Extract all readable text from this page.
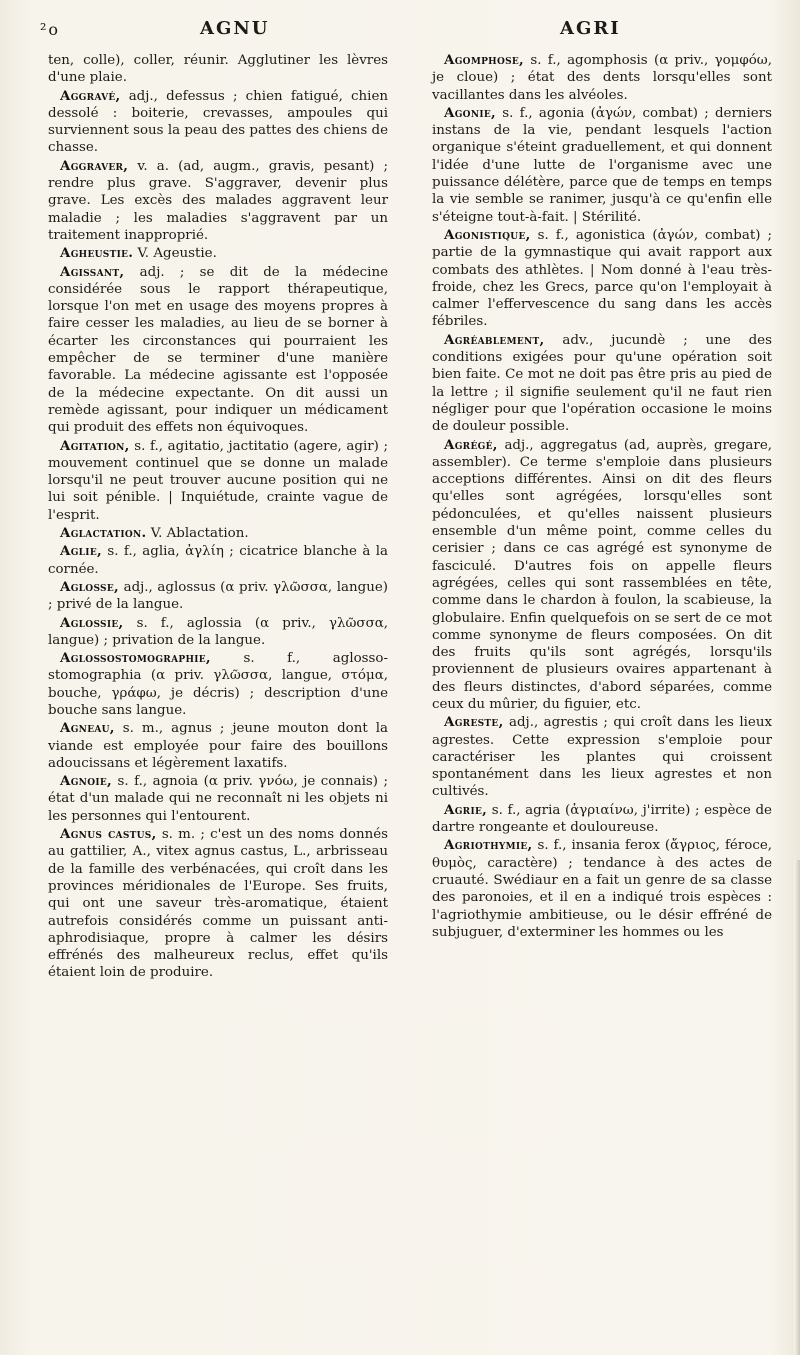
²o	AGNU	AGRI

ten, colle), coller, réunir. Agglutiner les lèvres d'une plaie.

Aggravé, adj., defessus ; chien fatigué, chien dessolé : boiterie, crevasses, ampoules qui surviennent sous la peau des pattes des chiens de chasse.

Aggraver, v. a. (ad, augm., gravis, pesant) ; rendre plus grave. S'aggraver, devenir plus grave. Les excès des malades aggravent leur maladie ; les maladies s'aggravent par un traitement inapproprié.

Agheustie. V. Ageustie.

Agissant, adj. ; se dit de la médecine considérée sous le rapport thérapeutique, lorsque l'on met en usage des moyens propres à faire cesser les maladies, au lieu de se borner à écarter les circonstances qui pourraient les empêcher de se terminer d'une manière favorable. La médecine agissante est l'opposée de la médecine expectante. On dit aussi un remède agissant, pour indiquer un médicament qui produit des effets non équivoques.

Agitation, s. f., agitatio, jactitatio (agere, agir) ; mouvement continuel que se donne un malade lorsqu'il ne peut trouver aucune position qui ne lui soit pénible. | Inquiétude, crainte vague de l'esprit.

Aglactation. V. Ablactation.

Aglie, s. f., aglia, ἀγλίη ; cicatrice blanche à la cornée.

Aglosse, adj., aglossus (α priv. γλῶσσα, langue) ; privé de la langue.

Aglossie, s. f., aglossia (α priv., γλῶσσα, langue) ; privation de la langue.

Aglossostomographie, s. f., aglosso-stomographia (α priv. γλῶσσα, langue, στόμα, bouche, γράφω, je décris) ; description d'une bouche sans langue.

Agneau, s. m., agnus ; jeune mouton dont la viande est employée pour faire des bouillons adoucissans et légèrement laxatifs.

Agnoie, s. f., agnoia (α priv. γνόω, je connais) ; état d'un malade qui ne reconnaît ni les objets ni les personnes qui l'entourent.

Agnus castus, s. m. ; c'est un des noms donnés au gattilier, A., vitex agnus castus, L., arbrisseau de la famille des verbénacées, qui croît dans les provinces méridionales de l'Europe. Ses fruits, qui ont une saveur très-aromatique, étaient autrefois considérés comme un puissant anti-aphrodisiaque, propre à calmer les désirs effrénés des malheureux reclus, effet qu'ils étaient loin de produire.

Agomphose, s. f., agomphosis (α priv., γομφόω, je cloue) ; état des dents lorsqu'elles sont vacillantes dans les alvéoles.

Agonie, s. f., agonia (ἀγών, combat) ; derniers instans de la vie, pendant lesquels l'action organique s'éteint graduellement, et qui donnent l'idée d'une lutte de l'organisme avec une puissance délétère, parce que de temps en temps la vie semble se ranimer, jusqu'à ce qu'enfin elle s'éteigne tout-à-fait. | Stérilité.

Agonistique, s. f., agonistica (ἀγών, combat) ; partie de la gymnastique qui avait rapport aux combats des athlètes. | Nom donné à l'eau très-froide, chez les Grecs, parce qu'on l'employait à calmer l'effervescence du sang dans les accès fébriles.

Agréablement, adv., jucundè ; une des conditions exigées pour qu'une opération soit bien faite. Ce mot ne doit pas être pris au pied de la lettre ; il signifie seulement qu'il ne faut rien négliger pour que l'opération occasione le moins de douleur possible.

Agrégé, adj., aggregatus (ad, auprès, gregare, assembler). Ce terme s'emploie dans plusieurs acceptions différentes. Ainsi on dit des fleurs qu'elles sont agrégées, lorsqu'elles sont pédonculées, et qu'elles naissent plusieurs ensemble d'un même point, comme celles du cerisier ; dans ce cas agrégé est synonyme de fasciculé. D'autres fois on appelle fleurs agrégées, celles qui sont rassemblées en tête, comme dans le chardon à foulon, la scabieuse, la globulaire. Enfin quelquefois on se sert de ce mot comme synonyme de fleurs composées. On dit des fruits qu'ils sont agrégés, lorsqu'ils proviennent de plusieurs ovaires appartenant à des fleurs distinctes, d'abord séparées, comme ceux du mûrier, du figuier, etc.

Agreste, adj., agrestis ; qui croît dans les lieux agrestes. Cette expression s'emploie pour caractériser les plantes qui croissent spontanément dans les lieux agrestes et non cultivés.

Agrie, s. f., agria (ἀγριαίνω, j'irrite) ; espèce de dartre rongeante et douloureuse.

Agriothymie, s. f., insania ferox (ἄγριος, féroce, θυμὸς, caractère) ; tendance à des actes de cruauté. Swédiaur en a fait un genre de sa classe des paronoies, et il en a indiqué trois espèces : l'agriothymie ambitieuse, ou le désir effréné de subjuguer, d'exterminer les hommes ou les
